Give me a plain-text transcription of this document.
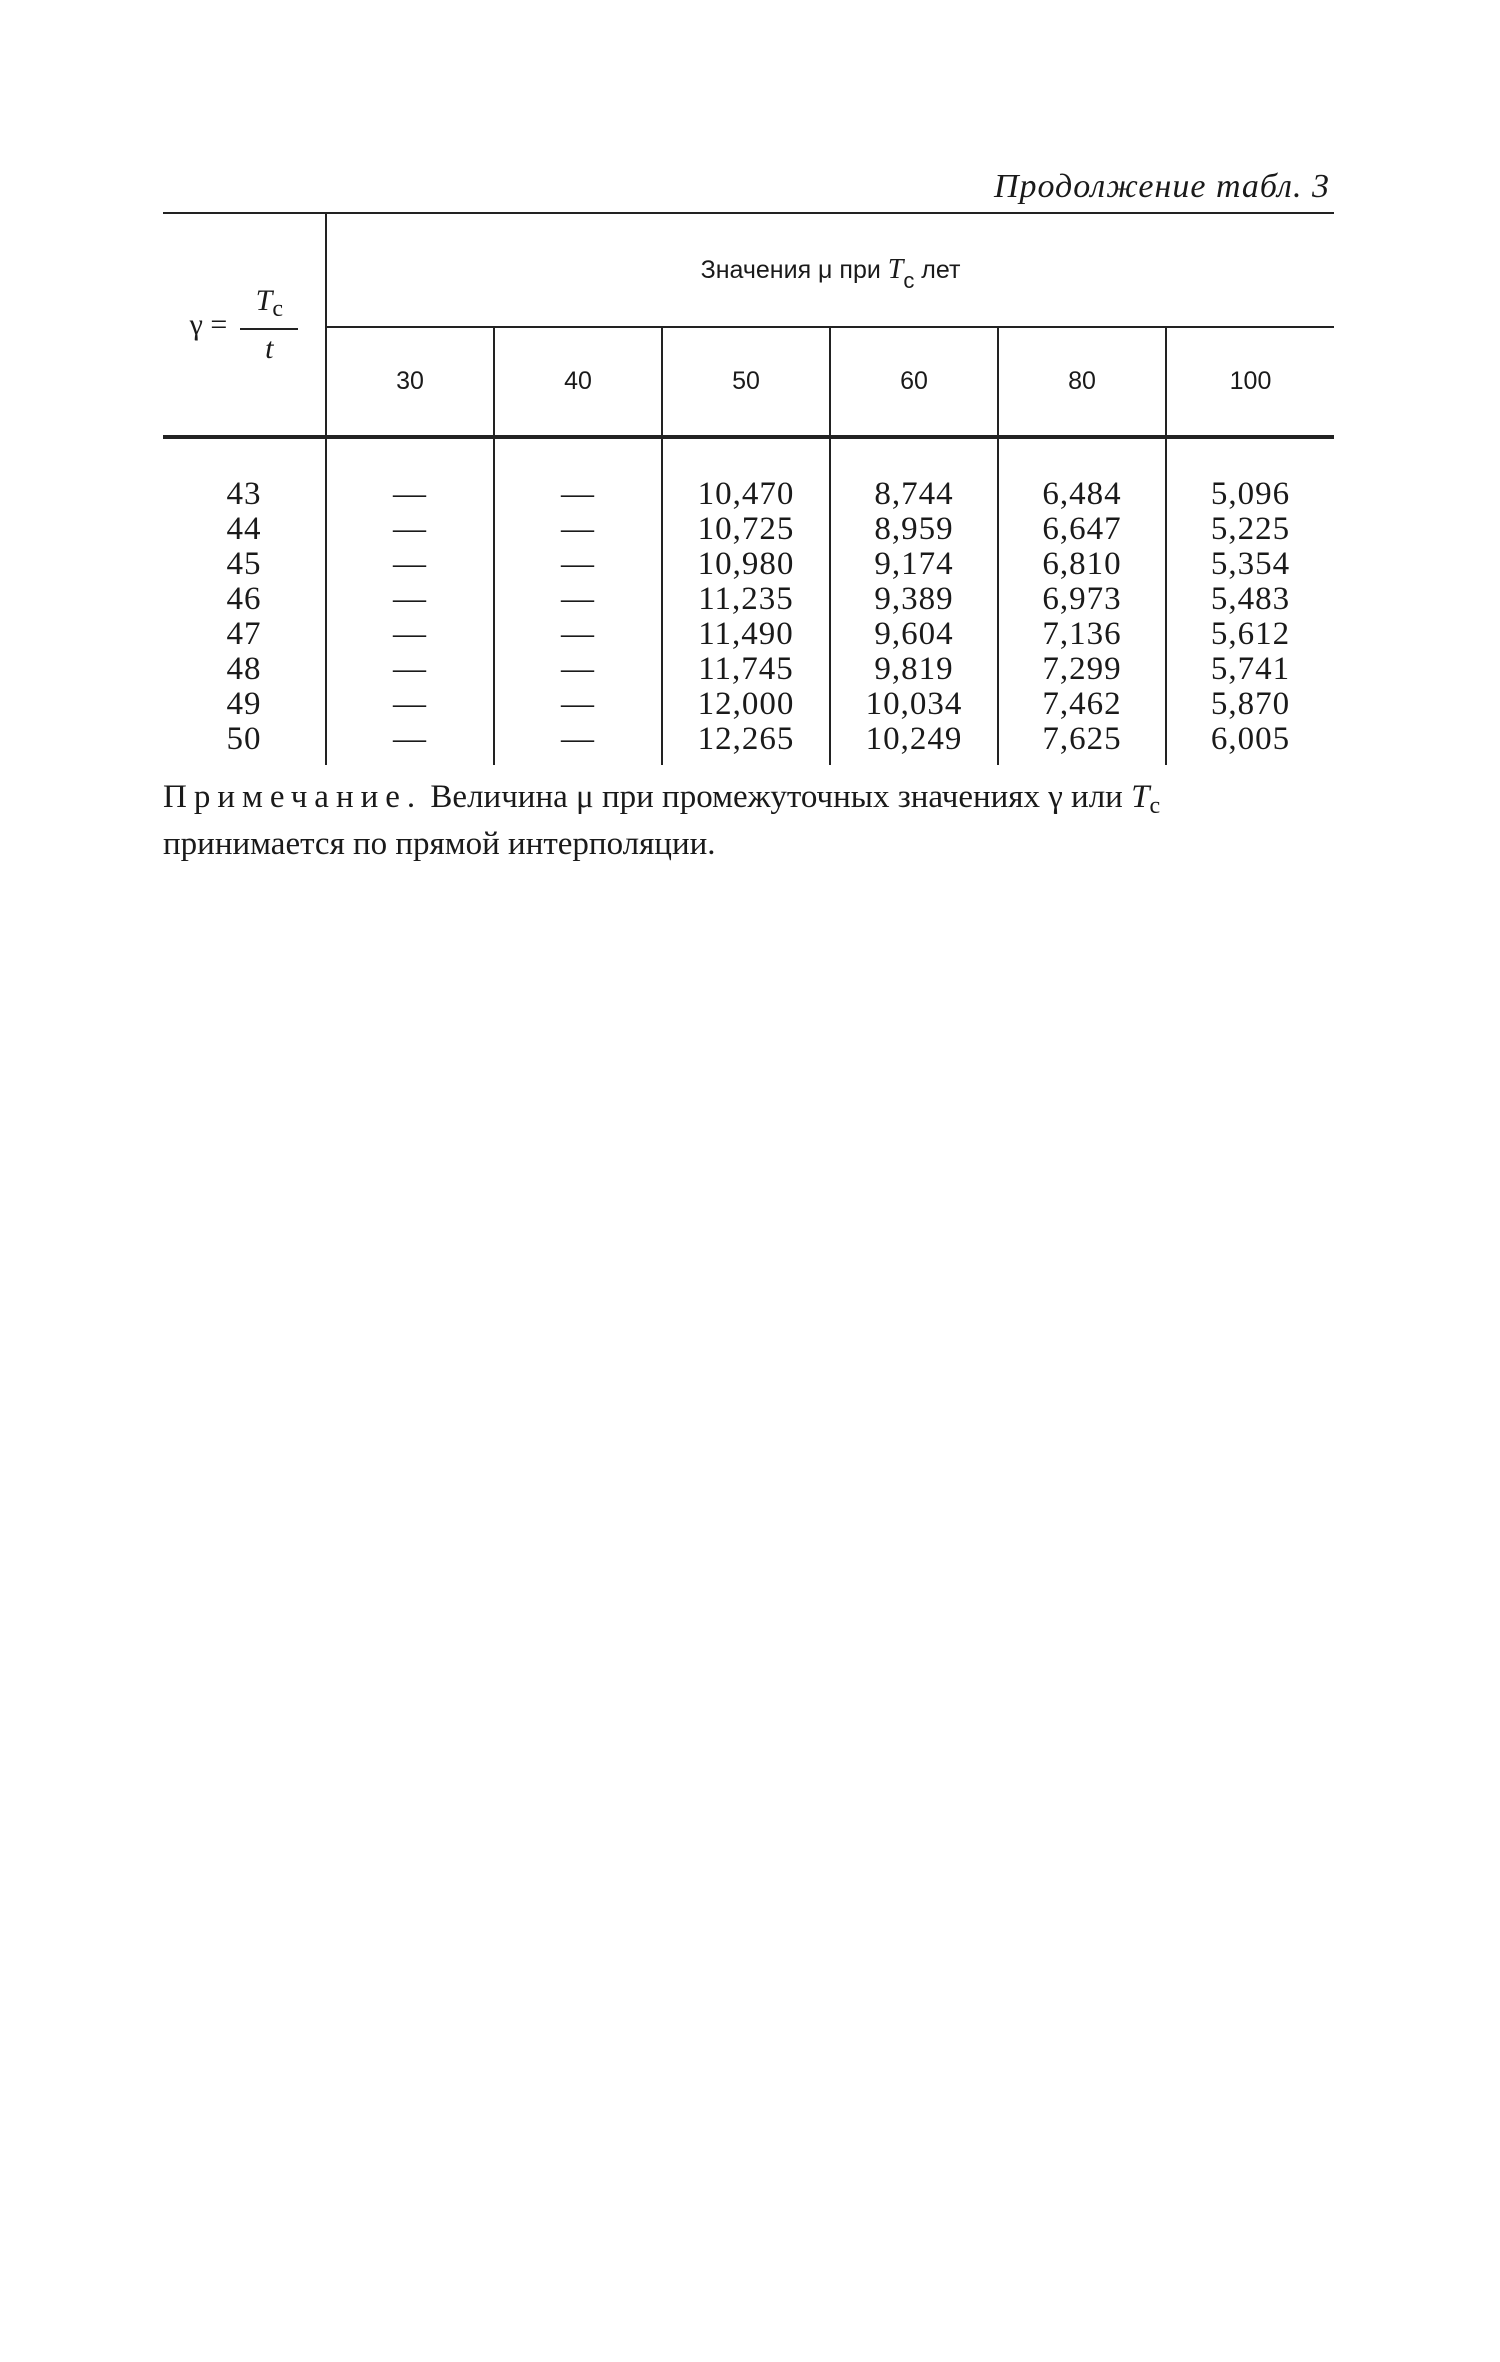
Продолжение табл. 3
$\gamma = \frac{T_c}{t}$	Значения μ при Tc лет					
	30	40	50	60	80	100
43	—	—	10,470	8,744	6,484	5,096
44	—	—	10,725	8,959	6,647	5,225
45	—	—	10,980	9,174	6,810	5,354
46	—	—	11,235	9,389	6,973	5,483
47	—	—	11,490	9,604	7,136	5,612
48	—	—	11,745	9,819	7,299	5,741
49	—	—	12,000	10,034	7,462	5,870
50	—	—	12,265	10,249	7,625	6,005
Примечание. Величина μ при промежуточных значениях γ или Tс принимается по прямой интерполяции.
